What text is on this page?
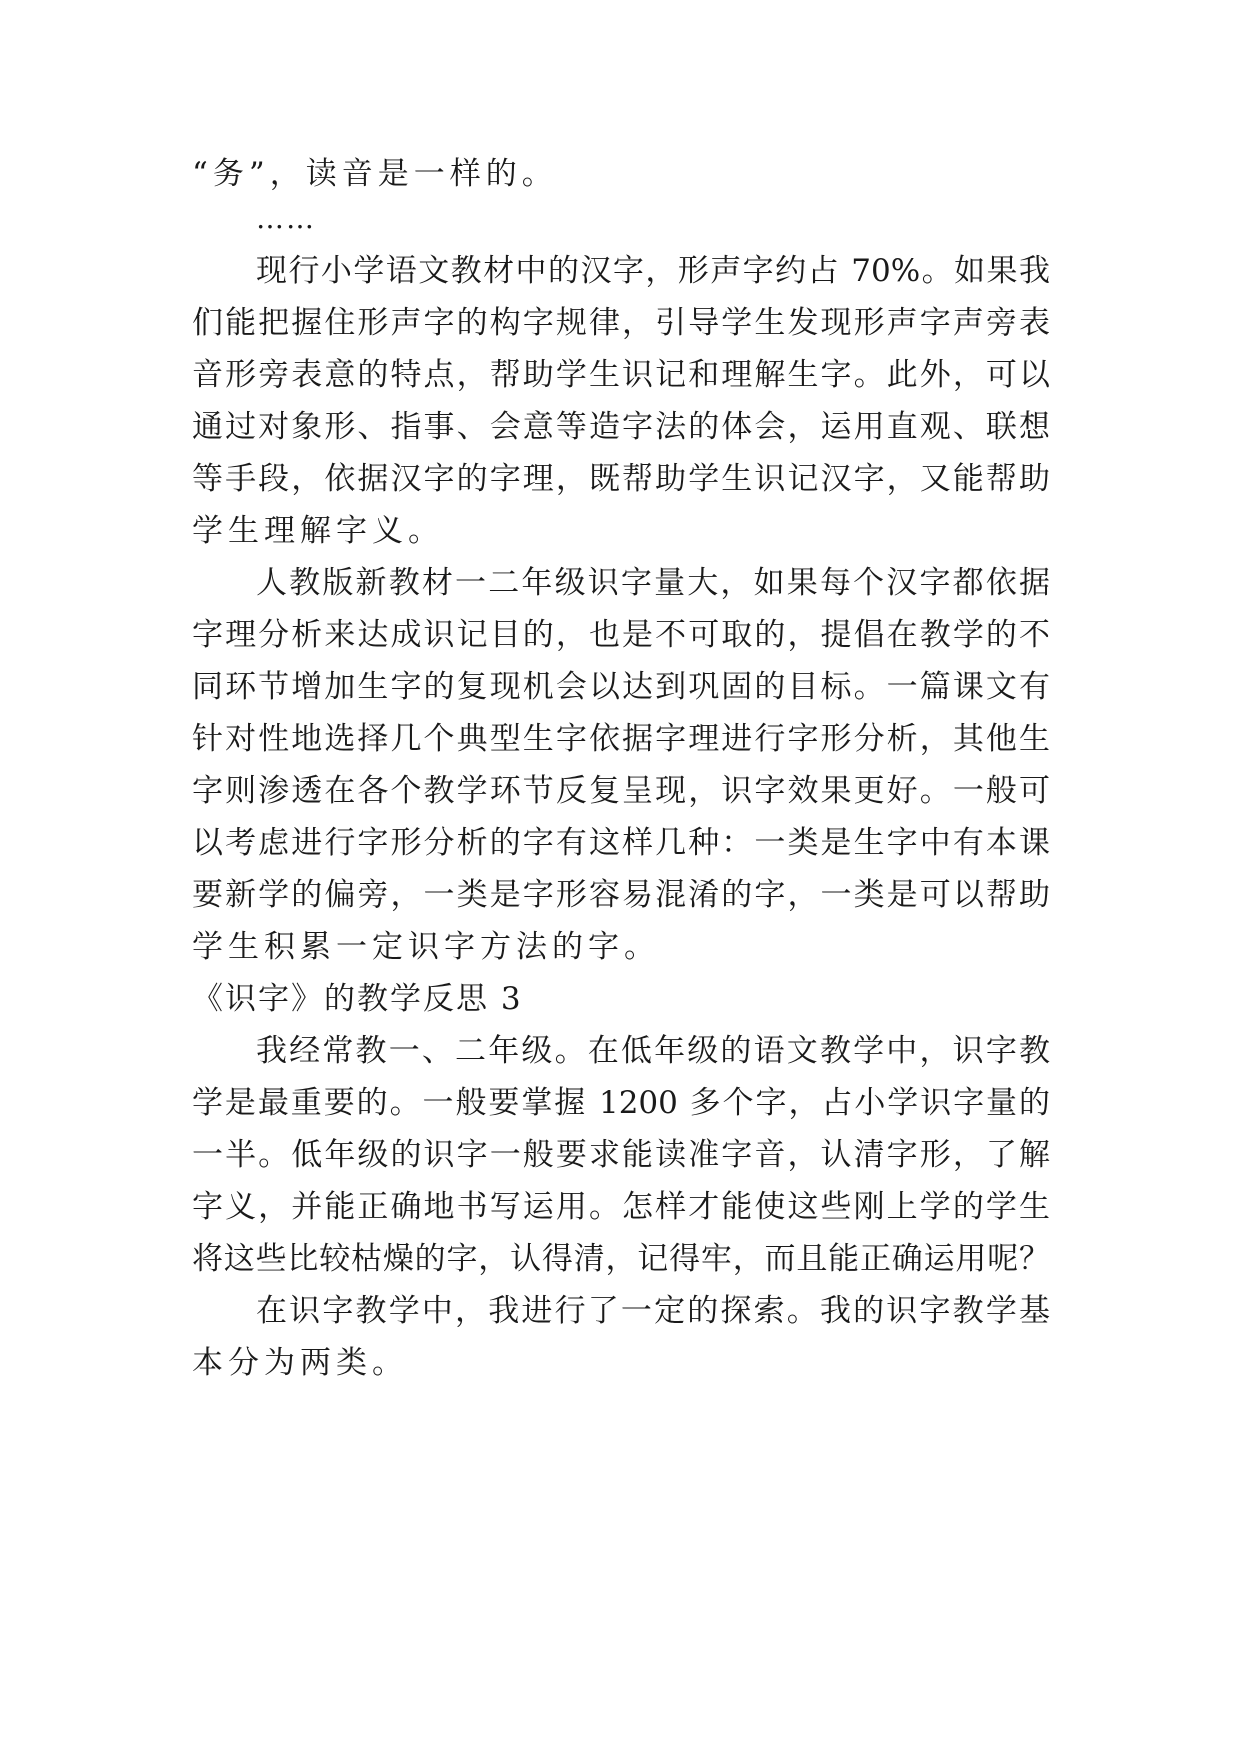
“务”，读音是一样的。
……
现行小学语文教材中的汉字，形声字约占 70%。如果我
们能把握住形声字的构字规律，引导学生发现形声字声旁表
音形旁表意的特点，帮助学生识记和理解生字。此外，可以
通过对象形、指事、会意等造字法的体会，运用直观、联想
等手段，依据汉字的字理，既帮助学生识记汉字，又能帮助
学生理解字义。
人教版新教材一二年级识字量大，如果每个汉字都依据
字理分析来达成识记目的，也是不可取的，提倡在教学的不
同环节增加生字的复现机会以达到巩固的目标。一篇课文有
针对性地选择几个典型生字依据字理进行字形分析，其他生
字则渗透在各个教学环节反复呈现，识字效果更好。一般可
以考虑进行字形分析的字有这样几种：一类是生字中有本课
要新学的偏旁，一类是字形容易混淆的字，一类是可以帮助
学生积累一定识字方法的字。
《识字》的教学反思 3
我经常教一、二年级。在低年级的语文教学中，识字教
学是最重要的。一般要掌握 1200 多个字，占小学识字量的
一半。低年级的识字一般要求能读准字音，认清字形，了解
字义，并能正确地书写运用。怎样才能使这些刚上学的学生
将这些比较枯燥的字，认得清，记得牢，而且能正确运用呢？
在识字教学中，我进行了一定的探索。我的识字教学基
本分为两类。
